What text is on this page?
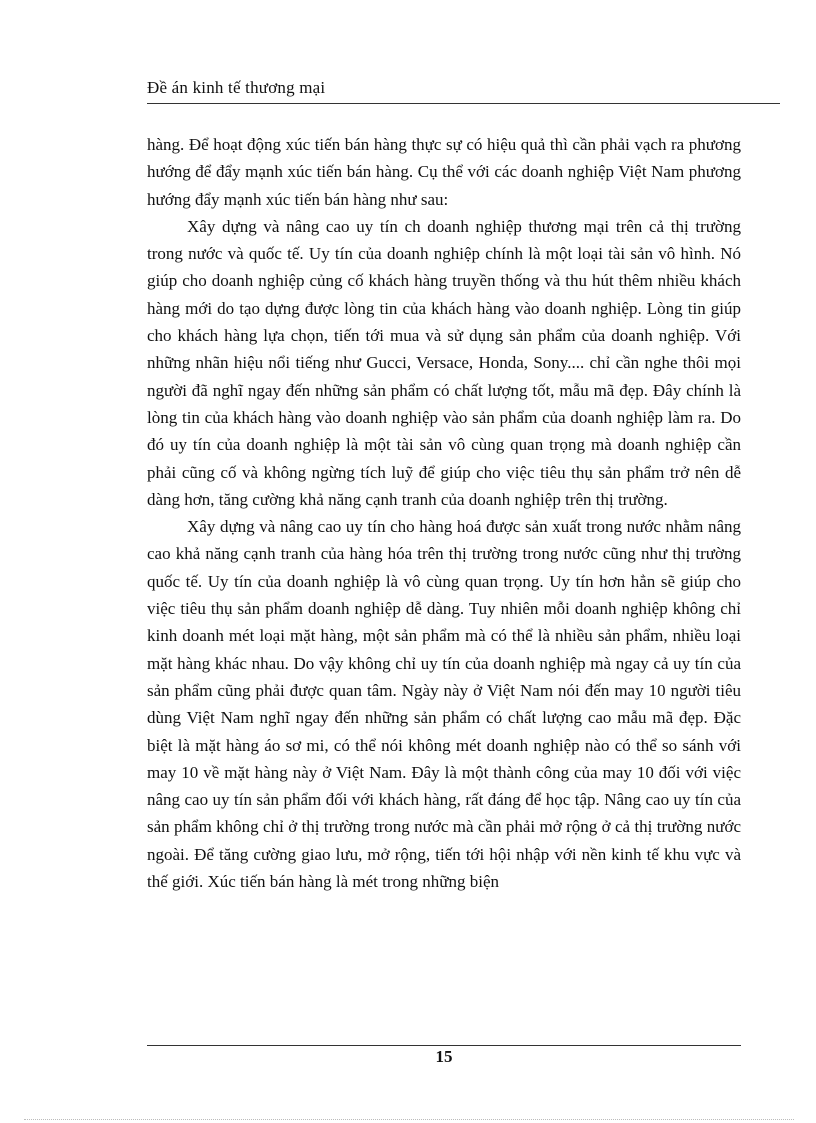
Đề án kinh tế thương mại

hàng. Để hoạt động xúc tiến bán hàng thực sự có hiệu quả thì cần phải vạch ra phương hướng để đẩy mạnh xúc tiến bán hàng. Cụ thể với các doanh nghiệp Việt Nam phương hướng đẩy mạnh xúc tiến bán hàng như sau:

Xây dựng và nâng cao uy tín ch doanh nghiệp thương mại trên cả thị trường trong nước và quốc tế. Uy tín của doanh nghiệp chính là một loại tài sản vô hình. Nó giúp cho doanh nghiệp củng cố khách hàng truyền thống và thu hút thêm nhiều khách hàng mới do tạo dựng được lòng tin của khách hàng vào doanh nghiệp. Lòng tin giúp cho khách hàng lựa chọn, tiến tới mua và sử dụng sản phẩm của doanh nghiệp. Với những nhãn hiệu nổi tiếng như Gucci, Versace, Honda, Sony.... chỉ cần nghe thôi mọi người đã nghĩ ngay đến những sản phẩm có chất lượng tốt, mẫu mã đẹp. Đây chính là lòng tin của khách hàng vào doanh nghiệp vào sản phẩm của doanh nghiệp làm ra. Do đó uy tín của doanh nghiệp là một tài sản vô cùng quan trọng mà doanh nghiệp cần phải cũng cố và không ngừng tích luỹ để giúp cho việc tiêu thụ sản phẩm trở nên dễ dàng hơn, tăng cường khả năng cạnh tranh của doanh nghiệp trên thị trường.

Xây dựng và nâng cao uy tín cho hàng hoá được sản xuất trong nước nhằm nâng cao khả năng cạnh tranh của hàng hóa trên thị trường trong nước cũng như thị trường quốc tế. Uy tín của doanh nghiệp là vô cùng quan trọng. Uy tín hơn hẳn sẽ giúp cho việc tiêu thụ sản phẩm doanh nghiệp dễ dàng. Tuy nhiên mỗi doanh nghiệp không chỉ kinh doanh mét loại mặt hàng, một sản phẩm mà có thể là nhiều sản phẩm, nhiều loại mặt hàng khác nhau. Do vậy không chỉ uy tín của doanh nghiệp mà ngay cả uy tín của sản phẩm cũng phải được quan tâm. Ngày này ở Việt Nam nói đến may 10 người tiêu dùng Việt Nam nghĩ ngay đến những sản phẩm có chất lượng cao mẫu mã đẹp. Đặc biệt là mặt hàng áo sơ mi, có thể nói không mét doanh nghiệp nào có thể so sánh với may 10 về mặt hàng này ở Việt Nam. Đây là một thành công của may 10 đối với việc nâng cao uy tín sản phẩm đối với khách hàng, rất đáng để học tập. Nâng cao uy tín của sản phẩm không chỉ ở thị trường trong nước mà cần phải mở rộng ở cả thị trường nước ngoài. Để tăng cường giao lưu, mở rộng, tiến tới hội nhập với nền kinh tế khu vực và thế giới. Xúc tiến bán hàng là mét trong những biện

15
